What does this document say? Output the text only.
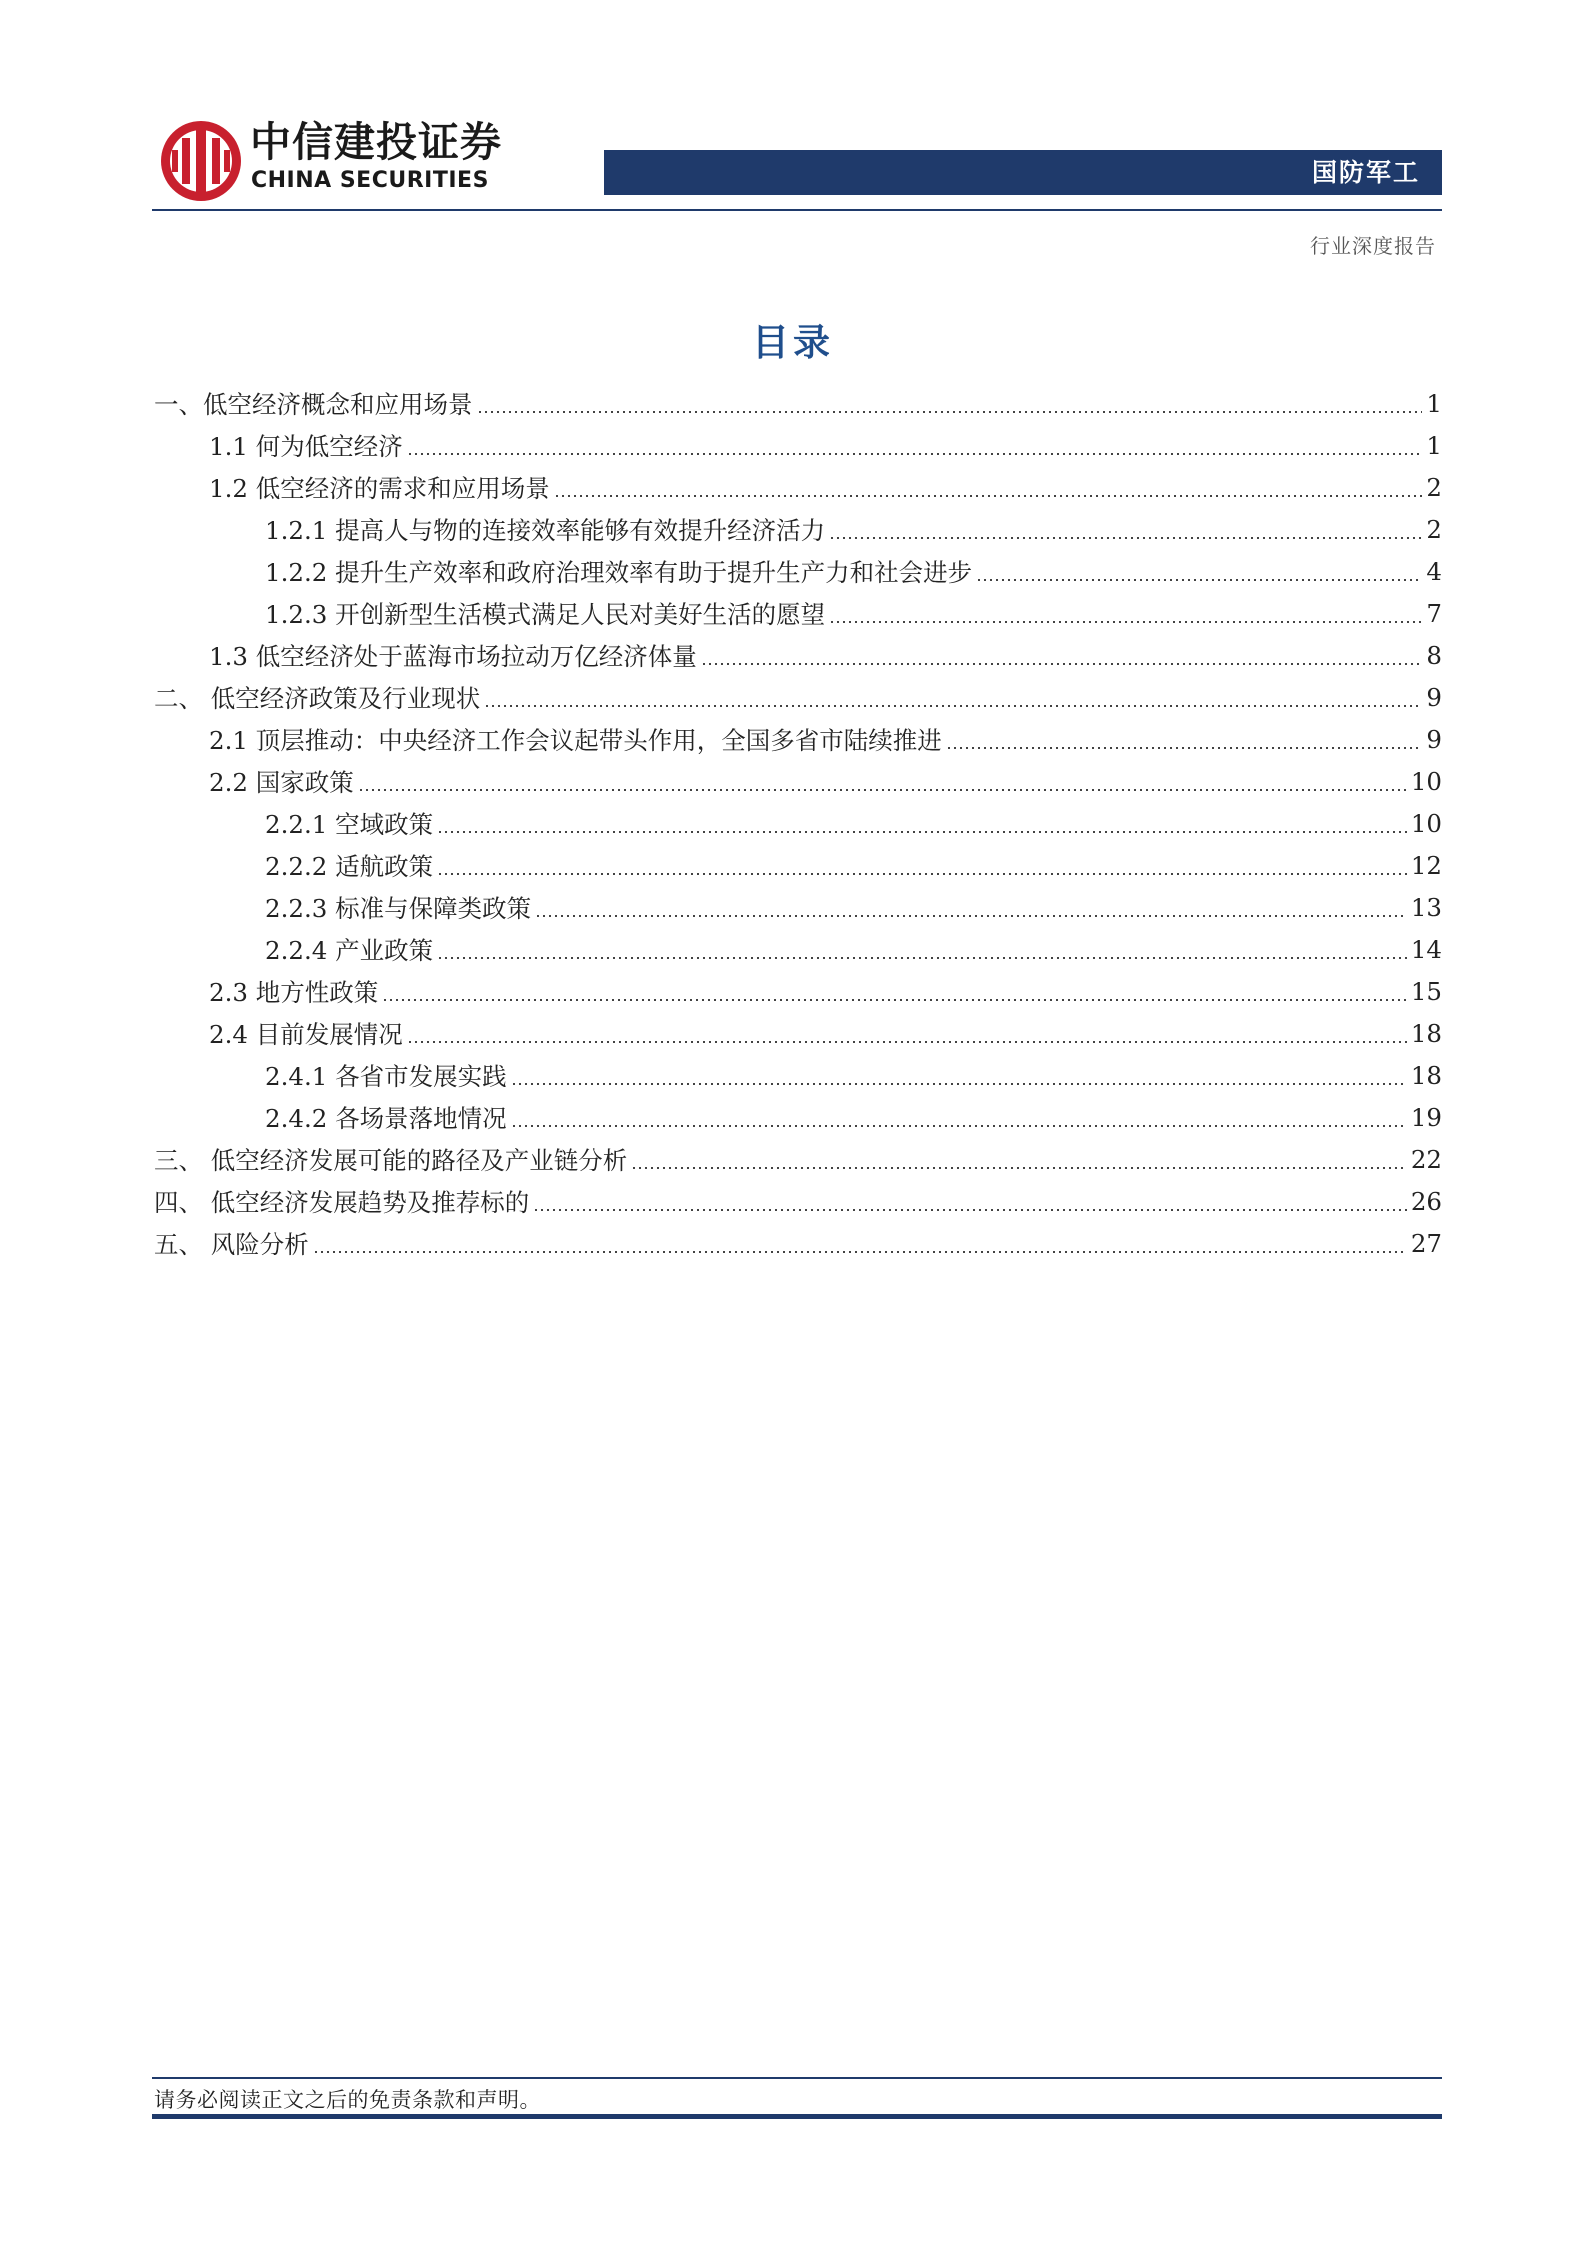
中信建投证券
CHINA SECURITIES	国防军工
行业深度报告
目录
一、低空经济概念和应用场景	1
1.1 何为低空经济	1
1.2 低空经济的需求和应用场景	2
1.2.1 提高人与物的连接效率能够有效提升经济活力	2
1.2.2 提升生产效率和政府治理效率有助于提升生产力和社会进步	4
1.2.3 开创新型生活模式满足人民对美好生活的愿望	7
1.3 低空经济处于蓝海市场拉动万亿经济体量	8
二、 低空经济政策及行业现状	9
2.1 顶层推动：中央经济工作会议起带头作用，全国多省市陆续推进	9
2.2 国家政策	10
2.2.1 空域政策	10
2.2.2 适航政策	12
2.2.3 标准与保障类政策	13
2.2.4 产业政策	14
2.3 地方性政策	15
2.4 目前发展情况	18
2.4.1 各省市发展实践	18
2.4.2 各场景落地情况	19
三、 低空经济发展可能的路径及产业链分析	22
四、 低空经济发展趋势及推荐标的	26
五、 风险分析	27
请务必阅读正文之后的免责条款和声明。
